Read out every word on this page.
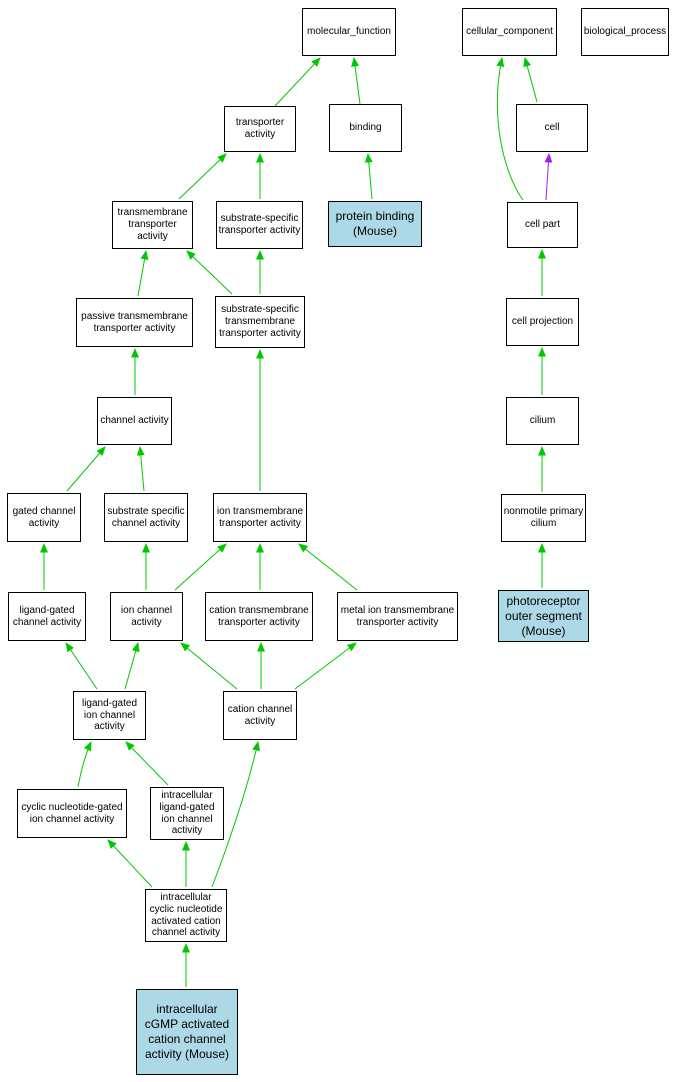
molecular_function	cellular_component	biological_process
transporter activity
binding	cell
transmembrane transporter activity
substrate-specific transporter activity
protein binding (Mouse)	cell part
passive transmembrane transporter activity
substrate-specific transmembrane transporter activity
cell projection
channel activity	cilium
gated channel activity
substrate specific channel activity
ion transmembrane transporter activity
nonmotile primary cilium
ligand-gated channel activity
ion channel activity
cation transmembrane transporter activity
metal ion transmembrane transporter activity
photoreceptor outer segment (Mouse)
ligand-gated ion channel activity
cation channel activity
cyclic nucleotide-gated ion channel activity
intracellular ligand-gated ion channel activity
intracellular cyclic nucleotide activated cation channel activity
intracellular cGMP activated cation channel activity (Mouse)
